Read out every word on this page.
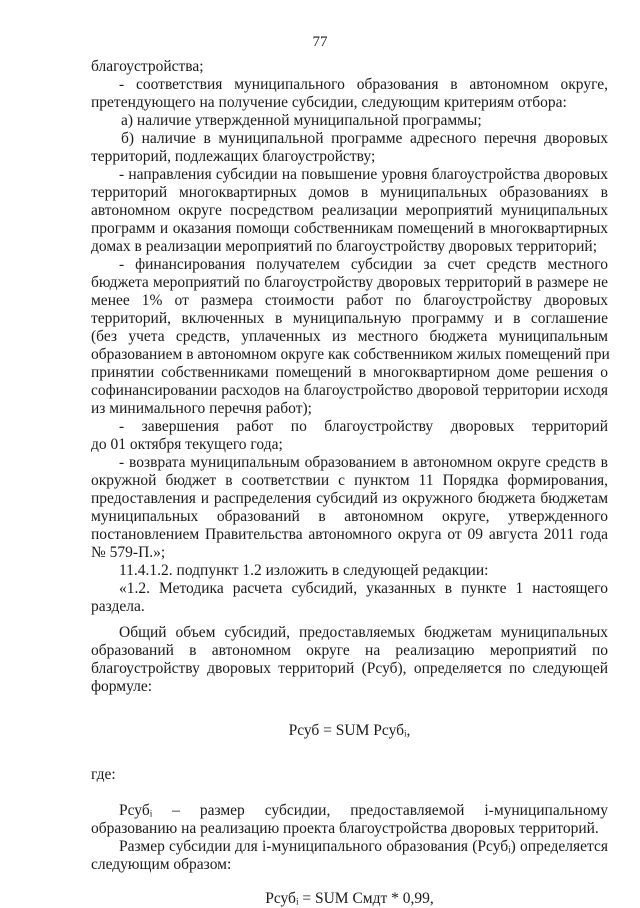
77
благоустройства;
- соответствия муниципального образования в автономном округе,
претендующего на получение субсидии, следующим критериям отбора:
а) наличие утвержденной муниципальной программы;
б) наличие в муниципальной программе адресного перечня дворовых
территорий, подлежащих благоустройству;
- направления субсидии на повышение уровня благоустройства дворовых
территорий многоквартирных домов в муниципальных образованиях в
автономном округе посредством реализации мероприятий муниципальных
программ и оказания помощи собственникам помещений в многоквартирных
домах в реализации мероприятий по благоустройству дворовых территорий;
- финансирования получателем субсидии за счет средств местного
бюджета мероприятий по благоустройству дворовых территорий в размере не
менее 1% от размера стоимости работ по благоустройству дворовых
территорий, включенных в муниципальную программу и в соглашение
(без учета средств, уплаченных из местного бюджета муниципальным
образованием в автономном округе как собственником жилых помещений при
принятии собственниками помещений в многоквартирном доме решения о
софинансировании расходов на благоустройство дворовой территории исходя
из минимального перечня работ);
- завершения работ по благоустройству дворовых территорий
до 01 октября текущего года;
- возврата муниципальным образованием в автономном округе средств в
окружной бюджет в соответствии с пунктом 11 Порядка формирования,
предоставления и распределения субсидий из окружного бюджета бюджетам
муниципальных образований в автономном округе, утвержденного
постановлением Правительства автономного округа от 09 августа 2011 года
№ 579-П.»;
11.4.1.2. подпункт 1.2 изложить в следующей редакции:
«1.2. Методика расчета субсидий, указанных в пункте 1 настоящего
раздела.
Общий объем субсидий, предоставляемых бюджетам муниципальных
образований в автономном округе на реализацию мероприятий по
благоустройству дворовых территорий (Рсуб), определяется по следующей
формуле:
Рсуб = SUM Рсубᵢ,
где:
Рсубᵢ – размер субсидии, предоставляемой i-муниципальному
образованию на реализацию проекта благоустройства дворовых территорий.
Размер субсидии для i-муниципального образования (Рсубᵢ) определяется
следующим образом:
Рсубᵢ = SUM Смдт * 0,99,
